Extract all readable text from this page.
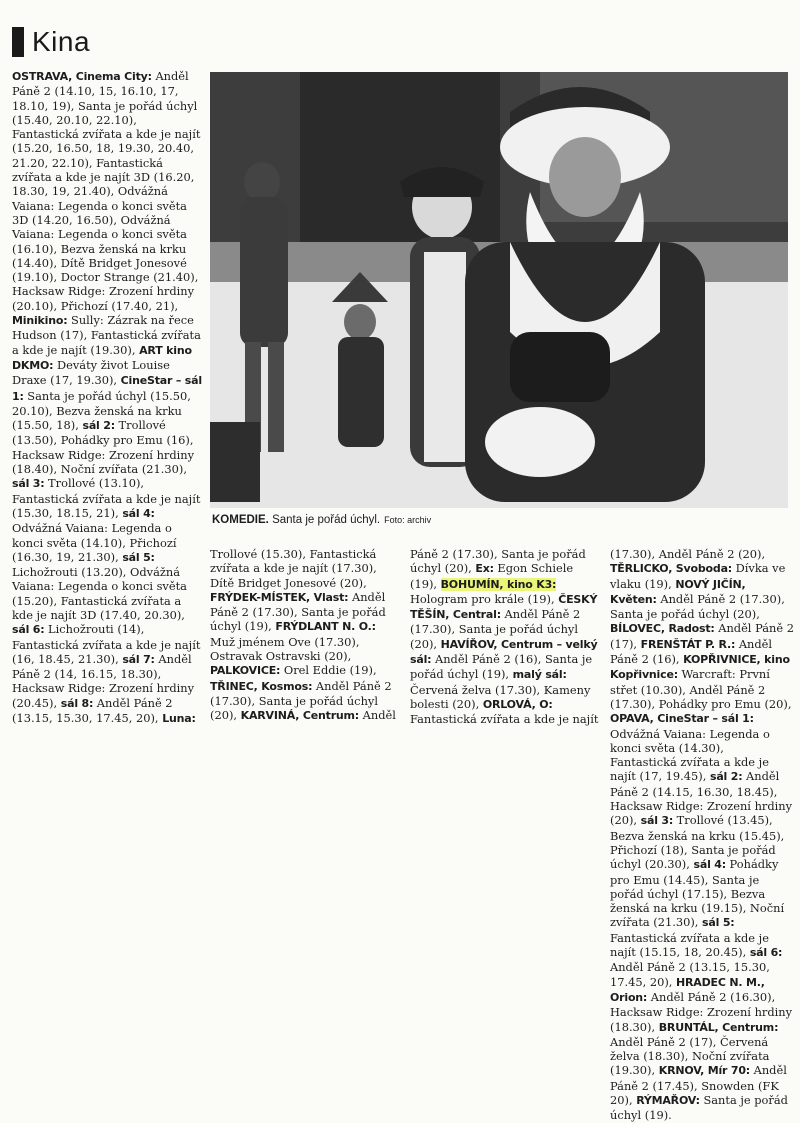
Kina
OSTRAVA, Cinema City: Anděl Páně 2 (14.10, 15, 16.10, 17, 18.10, 19), Santa je pořád úchyl (15.40, 20.10, 22.10), Fantastická zvířata a kde je najít (15.20, 16.50, 18, 19.30, 20.40, 21.20, 22.10), Fantastická zvířata a kde je najít 3D (16.20, 18.30, 19, 21.40), Odvážná Vaiana: Legenda o konci světa 3D (14.20, 16.50), Odvážná Vaiana: Legenda o konci světa (16.10), Bezva ženská na krku (14.40), Dítě Bridget Jonesové (19.10), Doctor Strange (21.40), Hacksaw Ridge: Zrození hrdiny (20.10), Přichozí (17.40, 21), Minikino: Sully: Zázrak na řece Hudson (17), Fantastická zvířata a kde je najít (19.30), ART kino DKMO: Deváty život Louise Draxe (17, 19.30), CineStar – sál 1: Santa je pořád úchyl (15.50, 20.10), Bezva ženská na krku (15.50, 18), sál 2: Trollové (13.50), Pohádky pro Emu (16), Hacksaw Ridge: Zrození hrdiny (18.40), Noční zvířata (21.30), sál 3: Trollové (13.10), Fantastická zvířata a kde je najít (15.30, 18.15, 21), sál 4: Odvážná Vaiana: Legenda o konci světa (14.10), Přichozí (16.30, 19, 21.30), sál 5: Lichožrouti (13.20), Odvážná Vaiana: Legenda o konci světa (15.20), Fantastická zvířata a kde je najít 3D (17.40, 20.30), sál 6: Lichožrouti (14), Fantastická zvířata a kde je najít (16, 18.45, 21.30), sál 7: Anděl Páně 2 (14, 16.15, 18.30), Hacksaw Ridge: Zrození hrdiny (20.45), sál 8: Anděl Páně 2 (13.15, 15.30, 17.45, 20), Luna:
KOMEDIE. Santa je pořád úchyl. Foto: archiv
Trollové (15.30), Fantastická zvířata a kde je najít (17.30), Dítě Bridget Jonesové (20), FRÝDEK-MÍSTEK, Vlast: Anděl Páně 2 (17.30), Santa je pořád úchyl (19), FRÝDLANT N. O.: Muž jménem Ove (17.30), Ostravak Ostravski (20), PALKOVICE: Orel Eddie (19), TŘINEC, Kosmos: Anděl Páně 2 (17.30), Santa je pořád úchyl (20), KARVINÁ, Centrum: Anděl
Páně 2 (17.30), Santa je pořád úchyl (20), Ex: Egon Schiele (19), BOHUMÍN, kino K3: Hologram pro krále (19), ČESKÝ TĚŠÍN, Central: Anděl Páně 2 (17.30), Santa je pořád úchyl (20), HAVÍŘOV, Centrum – velký sál: Anděl Páně 2 (16), Santa je pořád úchyl (19), malý sál: Červená želva (17.30), Kameny bolesti (20), ORLOVÁ, O: Fantastická zvířata a kde je najít
(17.30), Anděl Páně 2 (20), TĚRLICKO, Svoboda: Dívka ve vlaku (19), NOVÝ JIČÍN, Květen: Anděl Páně 2 (17.30), Santa je pořád úchyl (20), BÍLOVEC, Radost: Anděl Páně 2 (17), FRENŠTÁT P. R.: Anděl Páně 2 (16), KOPŘIVNICE, kino Kopřivnice: Warcraft: První střet (10.30), Anděl Páně 2 (17.30), Pohádky pro Emu (20), OPAVA, CineStar – sál 1: Odvážná Vaiana: Legenda o konci světa (14.30), Fantastická zvířata a kde je najít (17, 19.45), sál 2: Anděl Páně 2 (14.15, 16.30, 18.45), Hacksaw Ridge: Zrození hrdiny (20), sál 3: Trollové (13.45), Bezva ženská na krku (15.45), Přichozí (18), Santa je pořád úchyl (20.30), sál 4: Pohádky pro Emu (14.45), Santa je pořád úchyl (17.15), Bezva ženská na krku (19.15), Noční zvířata (21.30), sál 5: Fantastická zvířata a kde je najít (15.15, 18, 20.45), sál 6: Anděl Páně 2 (13.15, 15.30, 17.45, 20), HRADEC N. M., Orion: Anděl Páně 2 (16.30), Hacksaw Ridge: Zrození hrdiny (18.30), BRUNTÁL, Centrum: Anděl Páně 2 (17), Červená želva (18.30), Noční zvířata (19.30), KRNOV, Mír 70: Anděl Páně 2 (17.45), Snowden (FK 20), RÝMAŘOV: Santa je pořád úchyl (19).
